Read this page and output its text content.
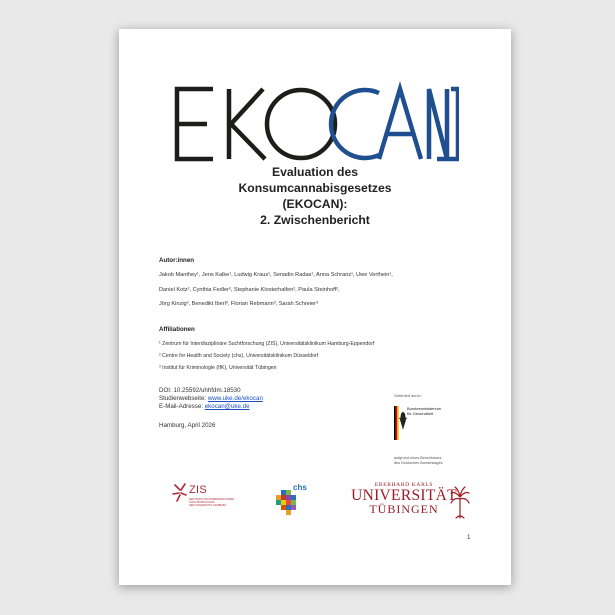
Evaluation des
Konsumcannabisgesetzes
(EKOCAN):
2. Zwischenbericht
Autor:innen
Jakob Manthey¹, Jens Kalke¹, Ludwig Kraus¹, Senadin Radas¹, Anna Schranz¹, Uwe Verthein¹,
Daniel Kotz², Cynthia Fedler², Stephanie Klosterhalfen², Paula Steinhoff²,
Jörg Kinzig³, Benedikt Iberl³, Florian Rebmann³, Sarah Schreier³
Affiliationen
¹ Zentrum für Interdisziplinäre Suchtforschung (ZIS), Universitätsklinikum Hamburg-Eppendorf
² Centre for Health and Society (chs), Universitätsklinikum Düsseldorf
³ Institut für Kriminologie (IfK), Universität Tübingen
DOI: 10.25592/uhhfdm.18530
Studienwebseite: www.uke.de/ekocan
E-Mail-Adresse: ekocan@uke.de
Hamburg, April 2026
Gefördert durch:
Bundesministerium
für Gesundheit
aufgrund eines Beschlusses
des Deutschen Bundestages
ZIS
ZENTRUM FÜR INTERDISZIPLINÄRE
SUCHTFORSCHUNG
DER UNIVERSITÄT HAMBURG
chs	EBERHARD KARLS
UNIVERSITÄT
TÜBINGEN
1
